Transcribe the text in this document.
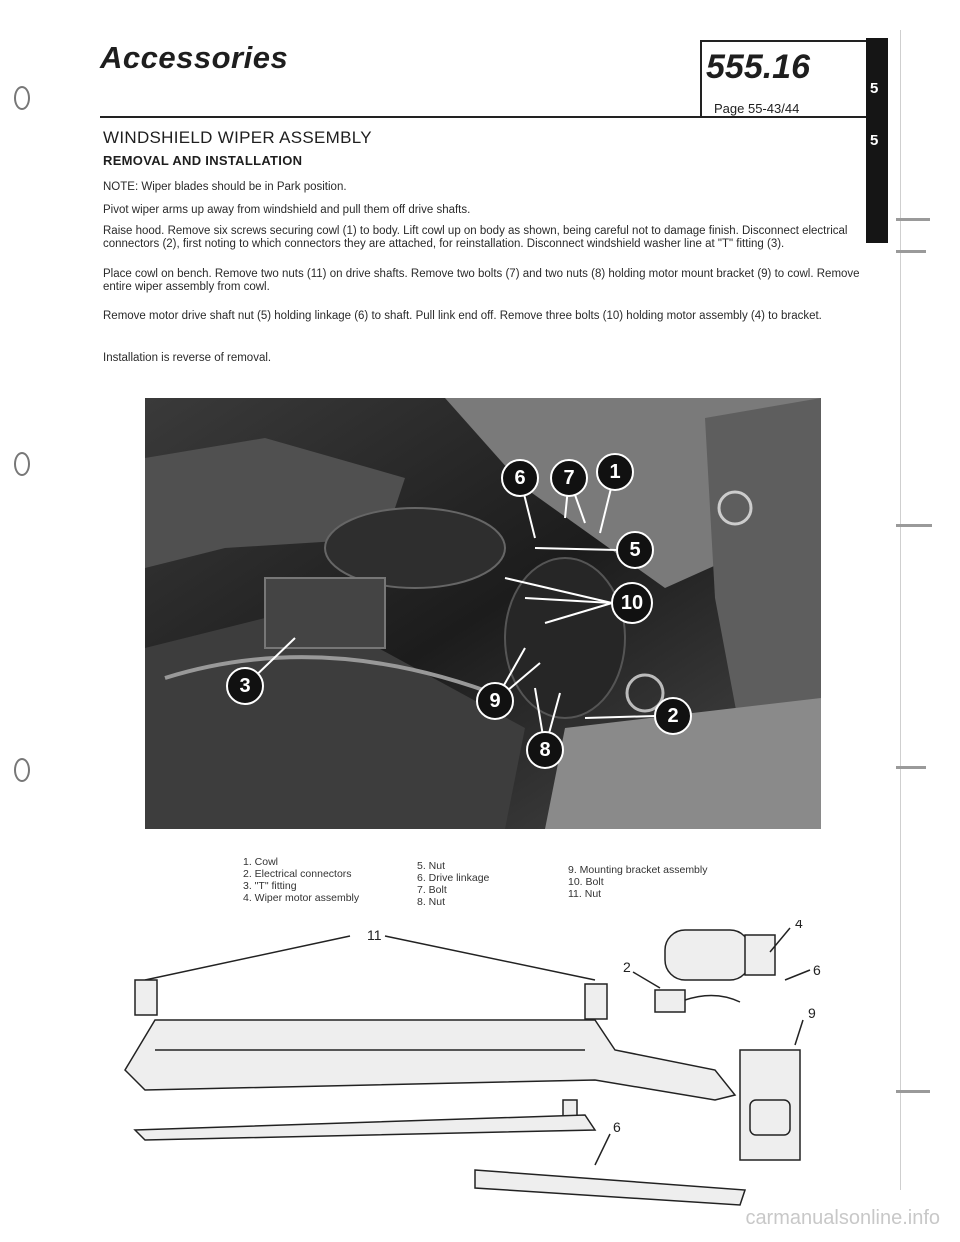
Accessories	555.16
Page 55-43/44
5
5
WINDSHIELD WIPER ASSEMBLY
REMOVAL AND INSTALLATION
NOTE: Wiper blades should be in Park position.
Pivot wiper arms up away from windshield and pull them off drive shafts.
Raise hood. Remove six screws securing cowl (1) to body. Lift cowl up on body as shown, being careful not to damage finish. Disconnect electrical connectors (2), first noting to which connectors they are attached, for reinstallation. Disconnect windshield washer line at "T" fitting (3).
Place cowl on bench. Remove two nuts (11) on drive shafts. Remove two bolts (7) and two nuts (8) holding motor mount bracket (9) to cowl. Remove entire wiper assembly from cowl.
Remove motor drive shaft nut (5) holding linkage (6) to shaft. Pull link end off. Remove three bolts (10) holding motor assembly (4) to bracket.
Installation is reverse of removal.
6 7 1
5
10
3
9
2
8
1. Cowl
2. Electrical connectors
3. "T" fitting
4. Wiper motor assembly
5. Nut
6. Drive linkage
7. Bolt
8. Nut
9. Mounting bracket assembly
10. Bolt
11. Nut
4
2	6
9
11
6
carmanualsonline.info
